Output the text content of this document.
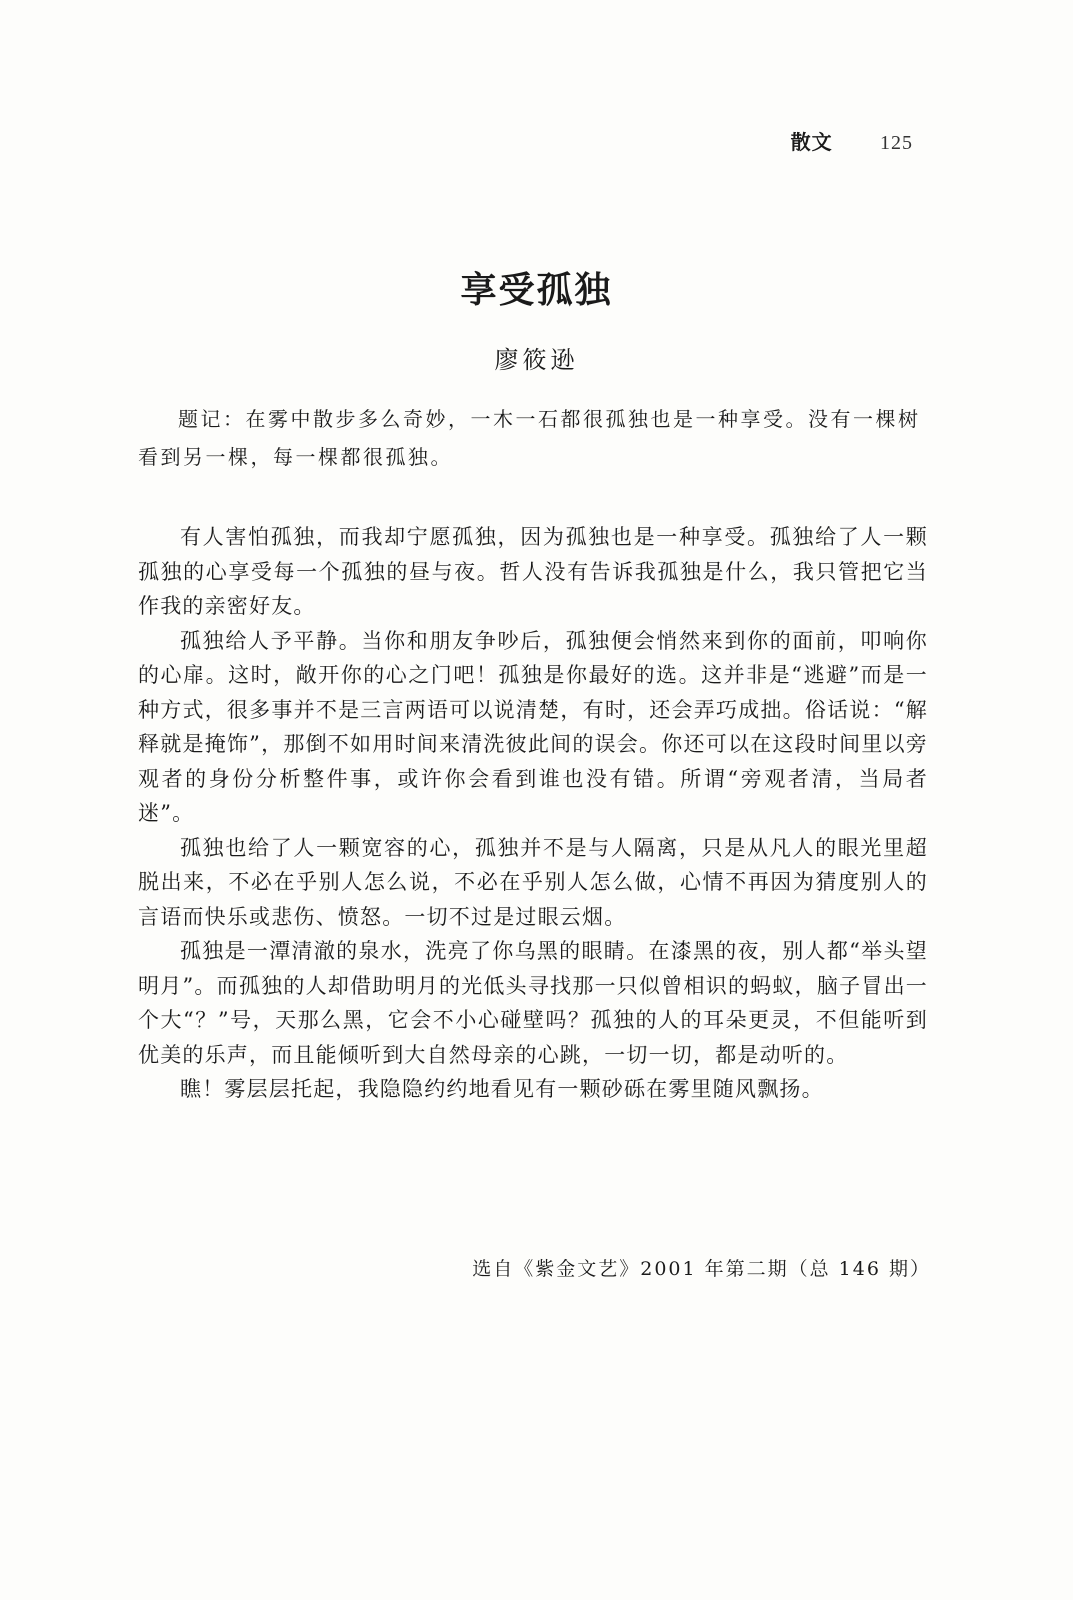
散文 125
享受孤独
廖筱逊

题记：在雾中散步多么奇妙，一木一石都很孤独也是一种享受。没有一棵树看到另一棵，每一棵都很孤独。

有人害怕孤独，而我却宁愿孤独，因为孤独也是一种享受。孤独给了人一颗孤独的心享受每一个孤独的昼与夜。哲人没有告诉我孤独是什么，我只管把它当作我的亲密好友。

孤独给人予平静。当你和朋友争吵后，孤独便会悄然来到你的面前，叩响你的心扉。这时，敞开你的心之门吧！孤独是你最好的选。这并非是“逃避”而是一种方式，很多事并不是三言两语可以说清楚，有时，还会弄巧成拙。俗话说：“解释就是掩饰”，那倒不如用时间来清洗彼此间的误会。你还可以在这段时间里以旁观者的身份分析整件事，或许你会看到谁也没有错。所谓“旁观者清，当局者迷”。

孤独也给了人一颗宽容的心，孤独并不是与人隔离，只是从凡人的眼光里超脱出来，不必在乎别人怎么说，不必在乎别人怎么做，心情不再因为猜度别人的言语而快乐或悲伤、愤怒。一切不过是过眼云烟。

孤独是一潭清澈的泉水，洗亮了你乌黑的眼睛。在漆黑的夜，别人都“举头望明月”。而孤独的人却借助明月的光低头寻找那一只似曾相识的蚂蚁，脑子冒出一个大“？”号，天那么黑，它会不小心碰壁吗？孤独的人的耳朵更灵，不但能听到优美的乐声，而且能倾听到大自然母亲的心跳，一切一切，都是动听的。

瞧！雾层层托起，我隐隐约约地看见有一颗砂砾在雾里随风飘扬。

选自《紫金文艺》2001 年第二期（总 146 期）
